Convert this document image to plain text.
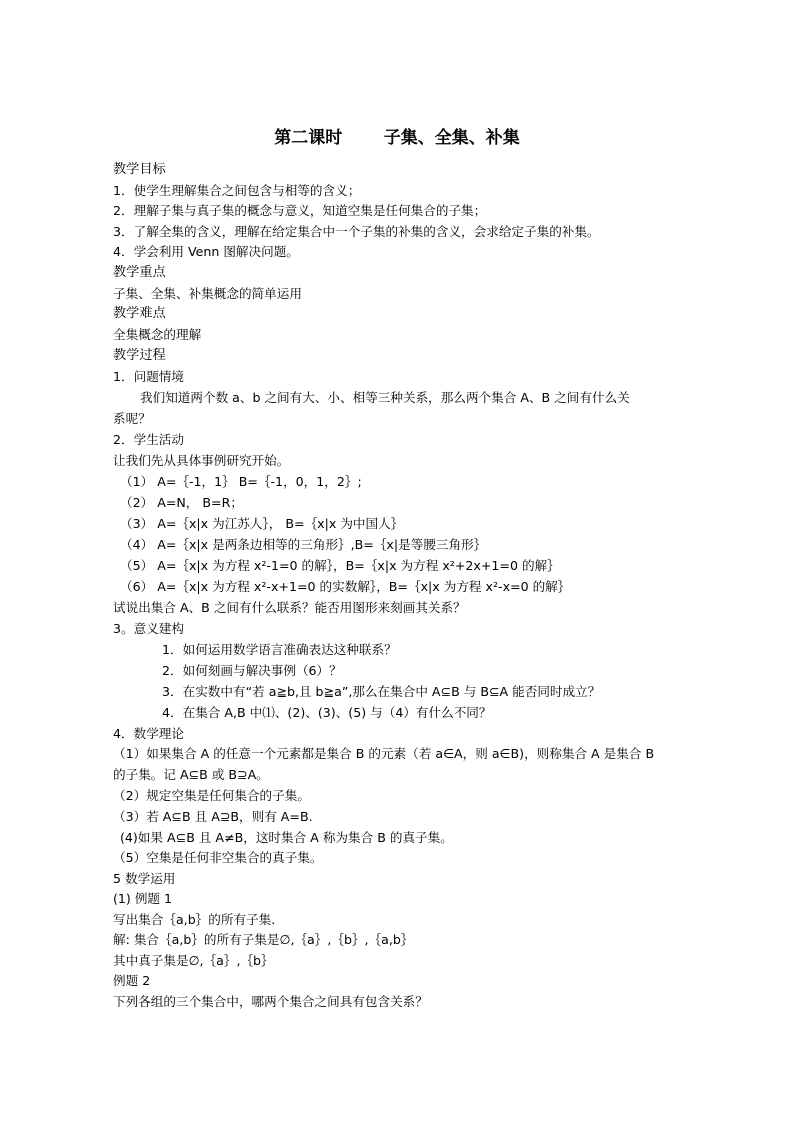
第二课时       子集、全集、补集
教学目标
1．使学生理解集合之间包含与相等的含义；
2．理解子集与真子集的概念与意义，知道空集是任何集合的子集；
3．了解全集的含义，理解在给定集合中一个子集的补集的含义，会求给定子集的补集。
4．学会利用 Venn 图解决问题。
教学重点
子集、全集、补集概念的简单运用
教学难点
全集概念的理解
教学过程
1．问题情境
我们知道两个数 a、b 之间有大、小、相等三种关系，那么两个集合 A、B 之间有什么关
系呢？
2．学生活动
让我们先从具体事例研究开始。
（1） A=｛-1，1｝ B=｛-1，0，1，2｝;
（2） A=N， B=R；
（3） A=｛x|x 为江苏人｝， B=｛x|x 为中国人｝
（4） A=｛x|x 是两条边相等的三角形｝,B=｛x|是等腰三角形｝
（5） A=｛x|x 为方程 x²-1=0 的解｝，B=｛x|x 为方程 x²+2x+1=0 的解｝
（6） A=｛x|x 为方程 x²-x+1=0 的实数解｝，B=｛x|x 为方程 x²-x=0 的解｝
试说出集合 A、B 之间有什么联系？能否用图形来刻画其关系？
3。意义建构
1．如何运用数学语言准确表达这种联系？
2．如何刻画与解决事例（6）？
3．在实数中有“若 a≧b,且 b≧a”,那么在集合中 A⊆B 与 B⊆A 能否同时成立？
4．在集合 A,B 中⑴、(2)、(3)、(5) 与（4）有什么不同？
4．数学理论
（1）如果集合 A 的任意一个元素都是集合 B 的元素（若 a∈A，则 a∈B)，则称集合 A 是集合 B
的子集。记 A⊆B 或 B⊇A。
（2）规定空集是任何集合的子集。
（3）若 A⊆B 且 A⊇B，则有 A=B.
(4)如果 A⊆B 且 A≠B，这时集合 A 称为集合 B 的真子集。
（5）空集是任何非空集合的真子集。
5 数学运用
(1) 例题 1
写出集合｛a,b｝的所有子集.
解: 集合｛a,b｝的所有子集是∅,｛a｝,｛b｝,｛a,b｝
其中真子集是∅,｛a｝,｛b｝
例题 2
下列各组的三个集合中，哪两个集合之间具有包含关系？
